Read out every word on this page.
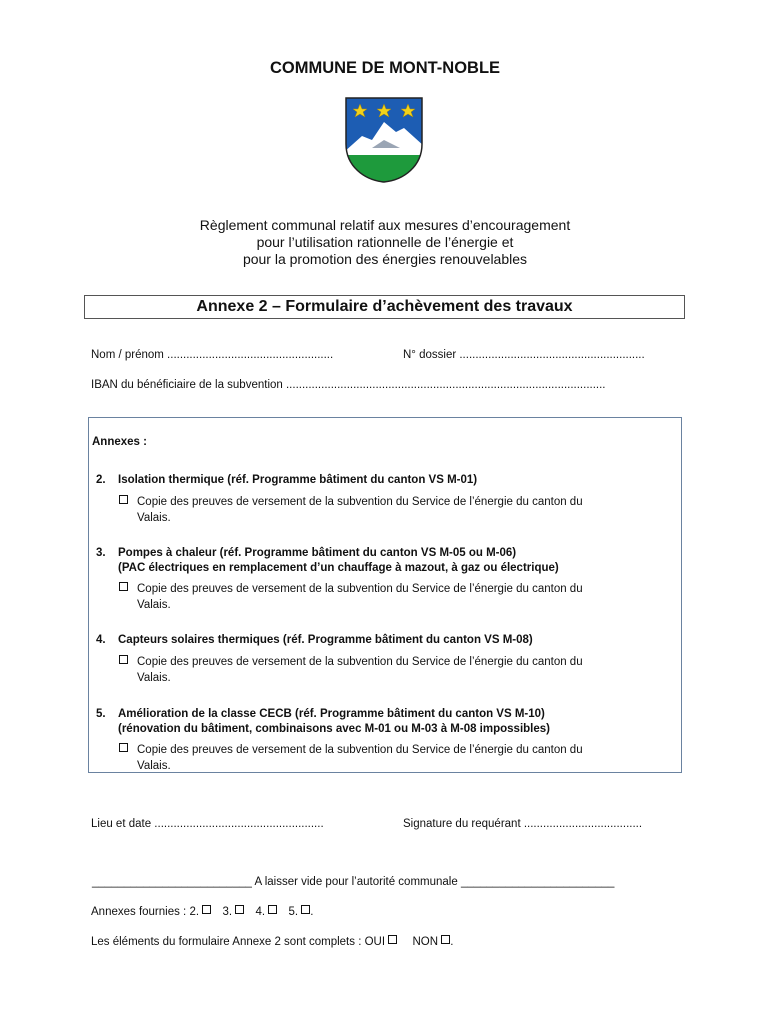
COMMUNE DE MONT-NOBLE
Règlement communal relatif aux mesures d’encouragement
pour l’utilisation rationnelle de l’énergie et
pour la promotion des énergies renouvelables
Annexe 2 – Formulaire d’achèvement des travaux
Nom / prénom ....................................................	N° dossier ..........................................................
IBAN du bénéficiaire de la subvention ....................................................................................................
Annexes :
2. Isolation thermique (réf. Programme bâtiment du canton VS M-01)
Copie des preuves de versement de la subvention du Service de l’énergie du canton du
Valais.
3. Pompes à chaleur (réf. Programme bâtiment du canton VS M-05 ou M-06)
(PAC électriques en remplacement d’un chauffage à mazout, à gaz ou électrique)
Copie des preuves de versement de la subvention du Service de l’énergie du canton du
Valais.
4. Capteurs solaires thermiques (réf. Programme bâtiment du canton VS M-08)
Copie des preuves de versement de la subvention du Service de l’énergie du canton du
Valais.
5. Amélioration de la classe CECB (réf. Programme bâtiment du canton VS M-10)
(rénovation du bâtiment, combinaisons avec M-01 ou M-03 à M-08 impossibles)
Copie des preuves de versement de la subvention du Service de l’énergie du canton du
Valais.
Lieu et date .....................................................	Signature du requérant .....................................
_________________________ A laisser vide pour l’autorité communale ________________________
Annexes fournies : 2. 3. 4. 5. .
Les éléments du formulaire Annexe 2 sont complets : OUI NON .
